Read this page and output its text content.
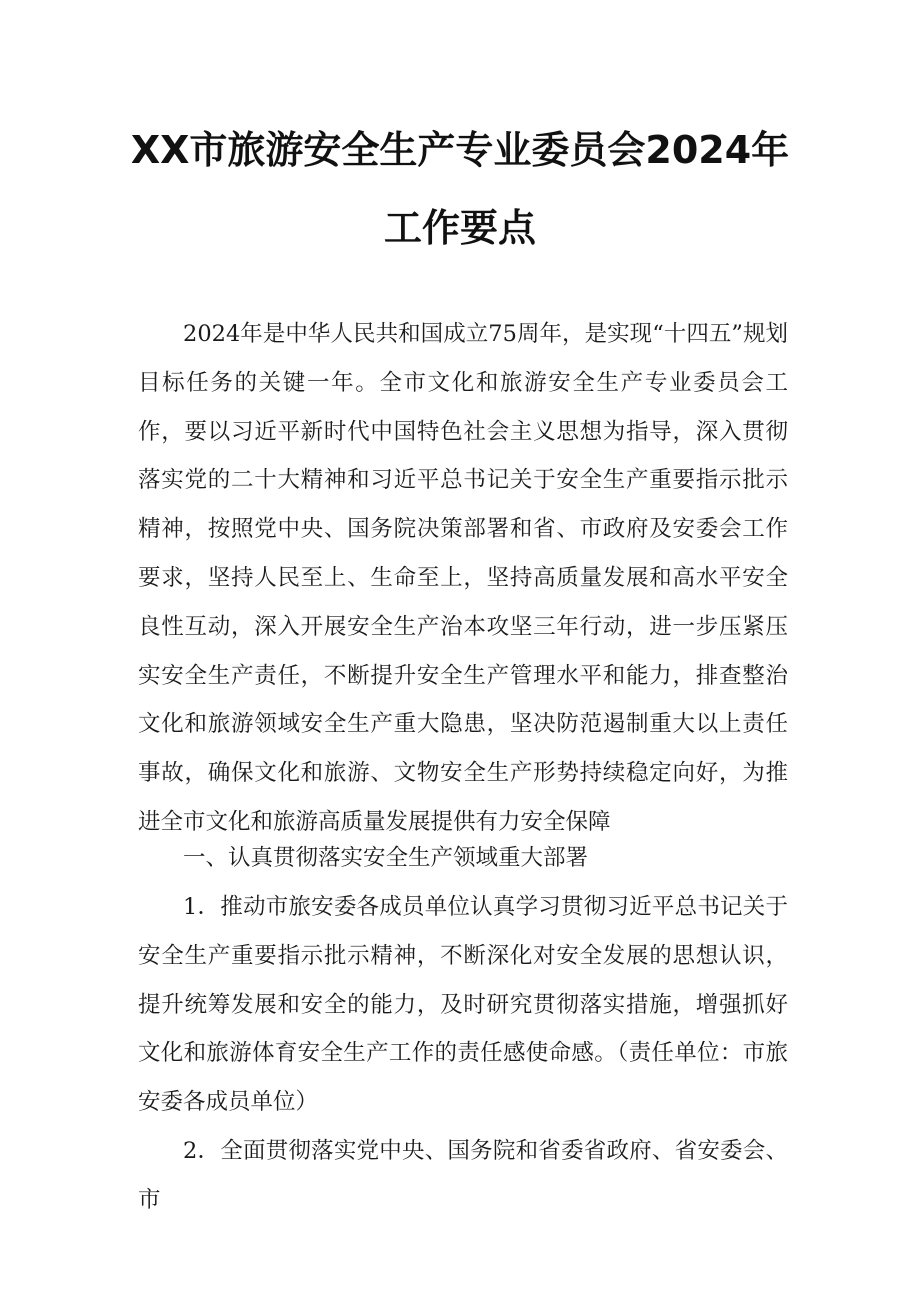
XX市旅游安全生产专业委员会2024年
工作要点

2024年是中华人民共和国成立75周年，是实现“十四五”规划目标任务的关键一年。全市文化和旅游安全生产专业委员会工作，要以习近平新时代中国特色社会主义思想为指导，深入贯彻落实党的二十大精神和习近平总书记关于安全生产重要指示批示精神，按照党中央、国务院决策部署和省、市政府及安委会工作要求，坚持人民至上、生命至上，坚持高质量发展和高水平安全良性互动，深入开展安全生产治本攻坚三年行动，进一步压紧压实安全生产责任，不断提升安全生产管理水平和能力，排查整治文化和旅游领域安全生产重大隐患，坚决防范遏制重大以上责任事故，确保文化和旅游、文物安全生产形势持续稳定向好，为推进全市文化和旅游高质量发展提供有力安全保障

一、认真贯彻落实安全生产领域重大部署

1．推动市旅安委各成员单位认真学习贯彻习近平总书记关于安全生产重要指示批示精神，不断深化对安全发展的思想认识，提升统筹发展和安全的能力，及时研究贯彻落实措施，增强抓好文化和旅游体育安全生产工作的责任感使命感。（责任单位：市旅安委各成员单位）

2．全面贯彻落实党中央、国务院和省委省政府、省安委会、市
